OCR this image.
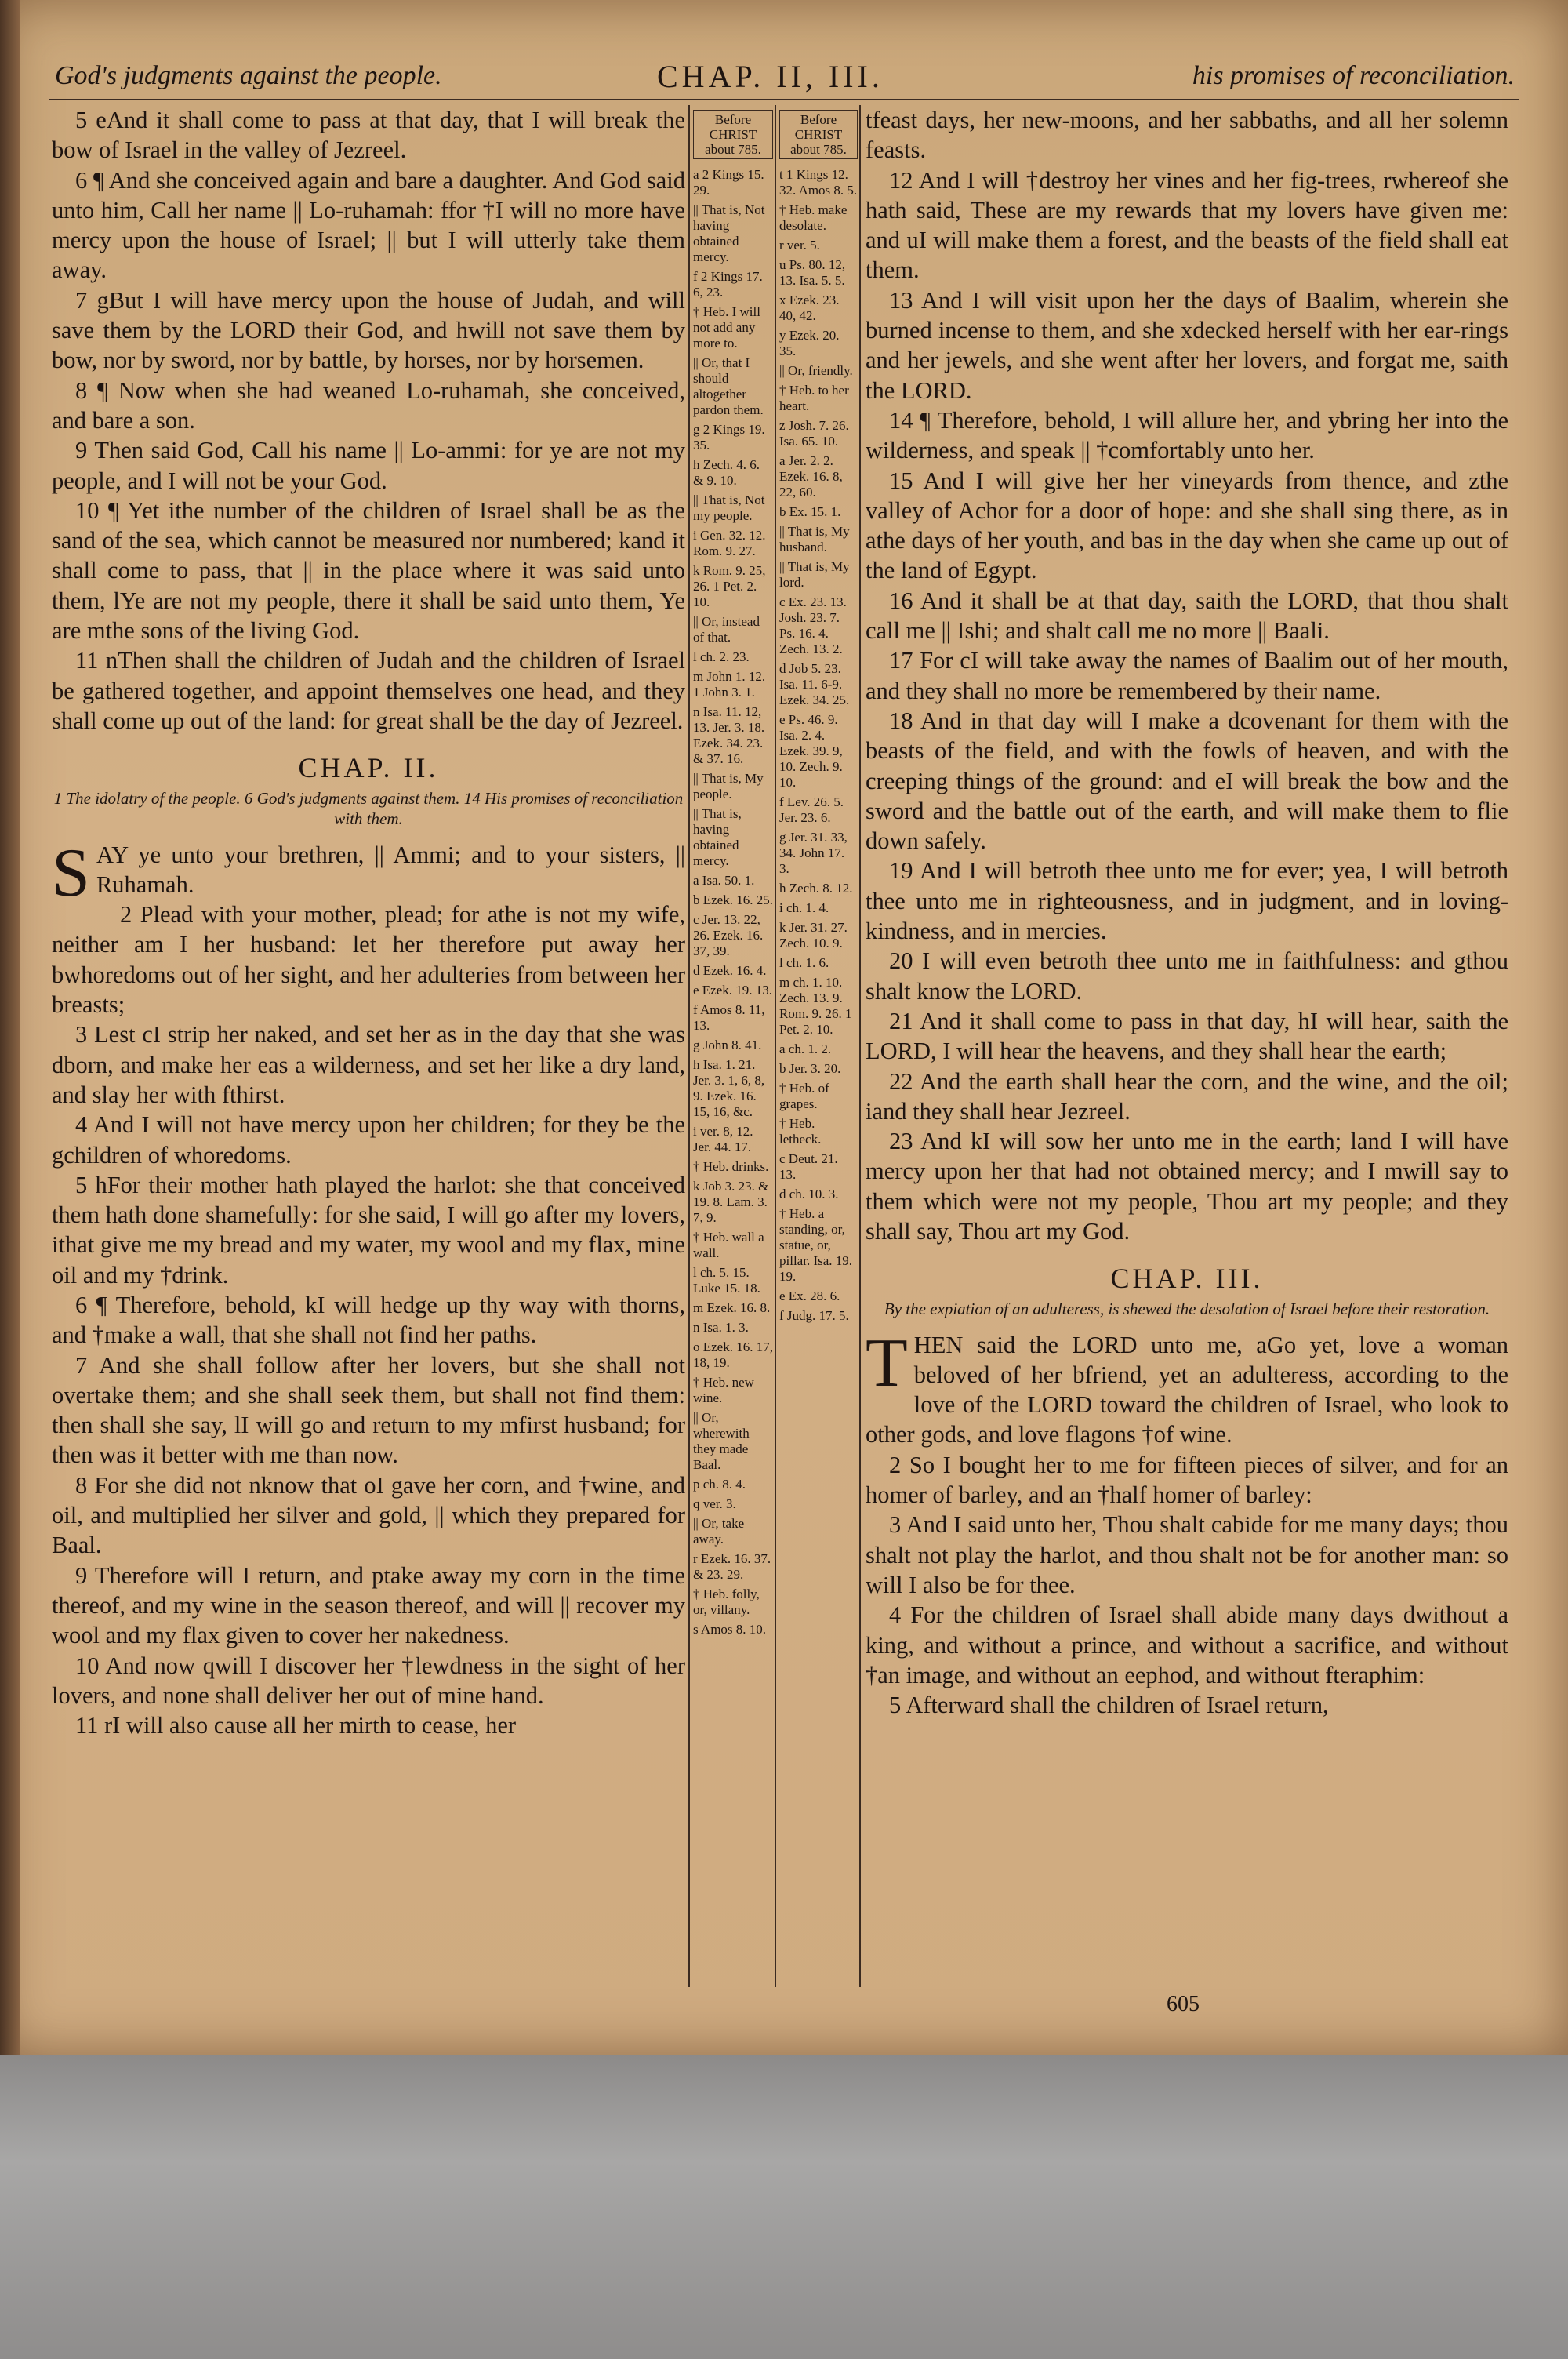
God's judgments against the people.	CHAP. II, III.	his promises of reconciliation.

5 eAnd it shall come to pass at that day, that I will break the bow of Israel in the valley of Jezreel.

6 ¶ And she conceived again and bare a daughter. And God said unto him, Call her name || Lo-ruhamah: ffor †I will no more have mercy upon the house of Israel; || but I will utterly take them away.

7 gBut I will have mercy upon the house of Judah, and will save them by the LORD their God, and hwill not save them by bow, nor by sword, nor by battle, by horses, nor by horsemen.

8 ¶ Now when she had weaned Lo-ruhamah, she conceived, and bare a son.

9 Then said God, Call his name || Lo-ammi: for ye are not my people, and I will not be your God.

10 ¶ Yet ithe number of the children of Israel shall be as the sand of the sea, which cannot be measured nor numbered; kand it shall come to pass, that || in the place where it was said unto them, lYe are not my people, there it shall be said unto them, Ye are mthe sons of the living God.

11 nThen shall the children of Judah and the children of Israel be gathered together, and appoint themselves one head, and they shall come up out of the land: for great shall be the day of Jezreel.

CHAP. II.
1 The idolatry of the people. 6 God's judgments against them. 14 His promises of reconciliation with them.

SAY ye unto your brethren, || Ammi; and to your sisters, || Ruhamah.

2 Plead with your mother, plead; for athe is not my wife, neither am I her husband: let her therefore put away her bwhoredoms out of her sight, and her adulteries from between her breasts;

3 Lest cI strip her naked, and set her as in the day that she was dborn, and make her eas a wilderness, and set her like a dry land, and slay her with fthirst.

4 And I will not have mercy upon her children; for they be the gchildren of whoredoms.

5 hFor their mother hath played the harlot: she that conceived them hath done shamefully: for she said, I will go after my lovers, ithat give me my bread and my water, my wool and my flax, mine oil and my †drink.

6 ¶ Therefore, behold, kI will hedge up thy way with thorns, and †make a wall, that she shall not find her paths.

7 And she shall follow after her lovers, but she shall not overtake them; and she shall seek them, but shall not find them: then shall she say, lI will go and return to my mfirst husband; for then was it better with me than now.

8 For she did not nknow that oI gave her corn, and †wine, and oil, and multiplied her silver and gold, || which they prepared for Baal.

9 Therefore will I return, and ptake away my corn in the time thereof, and my wine in the season thereof, and will || recover my wool and my flax given to cover her nakedness.

10 And now qwill I discover her †lewdness in the sight of her lovers, and none shall deliver her out of mine hand.

11 rI will also cause all her mirth to cease, her

Before CHRIST about 785.

a 2 Kings 15. 29.

|| That is, Not having obtained mercy.

f 2 Kings 17. 6, 23.

† Heb. I will not add any more to.

|| Or, that I should altogether pardon them.

g 2 Kings 19. 35.

h Zech. 4. 6. & 9. 10.

|| That is, Not my people.

i Gen. 32. 12. Rom. 9. 27.

k Rom. 9. 25, 26. 1 Pet. 2. 10.

|| Or, instead of that.

l ch. 2. 23.

m John 1. 12. 1 John 3. 1.

n Isa. 11. 12, 13. Jer. 3. 18. Ezek. 34. 23. & 37. 16.

|| That is, My people.

|| That is, having obtained mercy.

a Isa. 50. 1.

b Ezek. 16. 25.

c Jer. 13. 22, 26. Ezek. 16. 37, 39.

d Ezek. 16. 4.

e Ezek. 19. 13.

f Amos 8. 11, 13.

g John 8. 41.

h Isa. 1. 21. Jer. 3. 1, 6, 8, 9. Ezek. 16. 15, 16, &c.

i ver. 8, 12. Jer. 44. 17.

† Heb. drinks.

k Job 3. 23. & 19. 8. Lam. 3. 7, 9.

† Heb. wall a wall.

l ch. 5. 15. Luke 15. 18.

m Ezek. 16. 8.

n Isa. 1. 3.

o Ezek. 16. 17, 18, 19.

† Heb. new wine.

|| Or, wherewith they made Baal.

p ch. 8. 4.

q ver. 3.

|| Or, take away.

r Ezek. 16. 37. & 23. 29.

† Heb. folly, or, villany.

s Amos 8. 10.

Before CHRIST about 785.

t 1 Kings 12. 32. Amos 8. 5.

† Heb. make desolate.

r ver. 5.

u Ps. 80. 12, 13. Isa. 5. 5.

x Ezek. 23. 40, 42.

y Ezek. 20. 35.

|| Or, friendly.

† Heb. to her heart.

z Josh. 7. 26. Isa. 65. 10.

a Jer. 2. 2. Ezek. 16. 8, 22, 60.

b Ex. 15. 1.

|| That is, My husband.

|| That is, My lord.

c Ex. 23. 13. Josh. 23. 7. Ps. 16. 4. Zech. 13. 2.

d Job 5. 23. Isa. 11. 6-9. Ezek. 34. 25.

e Ps. 46. 9. Isa. 2. 4. Ezek. 39. 9, 10. Zech. 9. 10.

f Lev. 26. 5. Jer. 23. 6.

g Jer. 31. 33, 34. John 17. 3.

h Zech. 8. 12.

i ch. 1. 4.

k Jer. 31. 27. Zech. 10. 9.

l ch. 1. 6.

m ch. 1. 10. Zech. 13. 9. Rom. 9. 26. 1 Pet. 2. 10.

a ch. 1. 2.

b Jer. 3. 20.

† Heb. of grapes.

† Heb. letheck.

c Deut. 21. 13.

d ch. 10. 3.

† Heb. a standing, or, statue, or, pillar. Isa. 19. 19.

e Ex. 28. 6.

f Judg. 17. 5.

tfeast days, her new-moons, and her sabbaths, and all her solemn feasts.

12 And I will †destroy her vines and her fig-trees, rwhereof she hath said, These are my rewards that my lovers have given me: and uI will make them a forest, and the beasts of the field shall eat them.

13 And I will visit upon her the days of Baalim, wherein she burned incense to them, and she xdecked herself with her ear-rings and her jewels, and she went after her lovers, and forgat me, saith the LORD.

14 ¶ Therefore, behold, I will allure her, and ybring her into the wilderness, and speak || †comfortably unto her.

15 And I will give her her vineyards from thence, and zthe valley of Achor for a door of hope: and she shall sing there, as in athe days of her youth, and bas in the day when she came up out of the land of Egypt.

16 And it shall be at that day, saith the LORD, that thou shalt call me || Ishi; and shalt call me no more || Baali.

17 For cI will take away the names of Baalim out of her mouth, and they shall no more be remembered by their name.

18 And in that day will I make a dcovenant for them with the beasts of the field, and with the fowls of heaven, and with the creeping things of the ground: and eI will break the bow and the sword and the battle out of the earth, and will make them to flie down safely.

19 And I will betroth thee unto me for ever; yea, I will betroth thee unto me in righteousness, and in judgment, and in loving-kindness, and in mercies.

20 I will even betroth thee unto me in faithfulness: and gthou shalt know the LORD.

21 And it shall come to pass in that day, hI will hear, saith the LORD, I will hear the heavens, and they shall hear the earth;

22 And the earth shall hear the corn, and the wine, and the oil; iand they shall hear Jezreel.

23 And kI will sow her unto me in the earth; land I will have mercy upon her that had not obtained mercy; and I mwill say to them which were not my people, Thou art my people; and they shall say, Thou art my God.

CHAP. III.
By the expiation of an adulteress, is shewed the desolation of Israel before their restoration.

THEN said the LORD unto me, aGo yet, love a woman beloved of her bfriend, yet an adulteress, according to the love of the LORD toward the children of Israel, who look to other gods, and love flagons †of wine.

2 So I bought her to me for fifteen pieces of silver, and for an homer of barley, and an †half homer of barley:

3 And I said unto her, Thou shalt cabide for me many days; thou shalt not play the harlot, and thou shalt not be for another man: so will I also be for thee.

4 For the children of Israel shall abide many days dwithout a king, and without a prince, and without a sacrifice, and without †an image, and without an eephod, and without fteraphim:

5 Afterward shall the children of Israel return,

605
